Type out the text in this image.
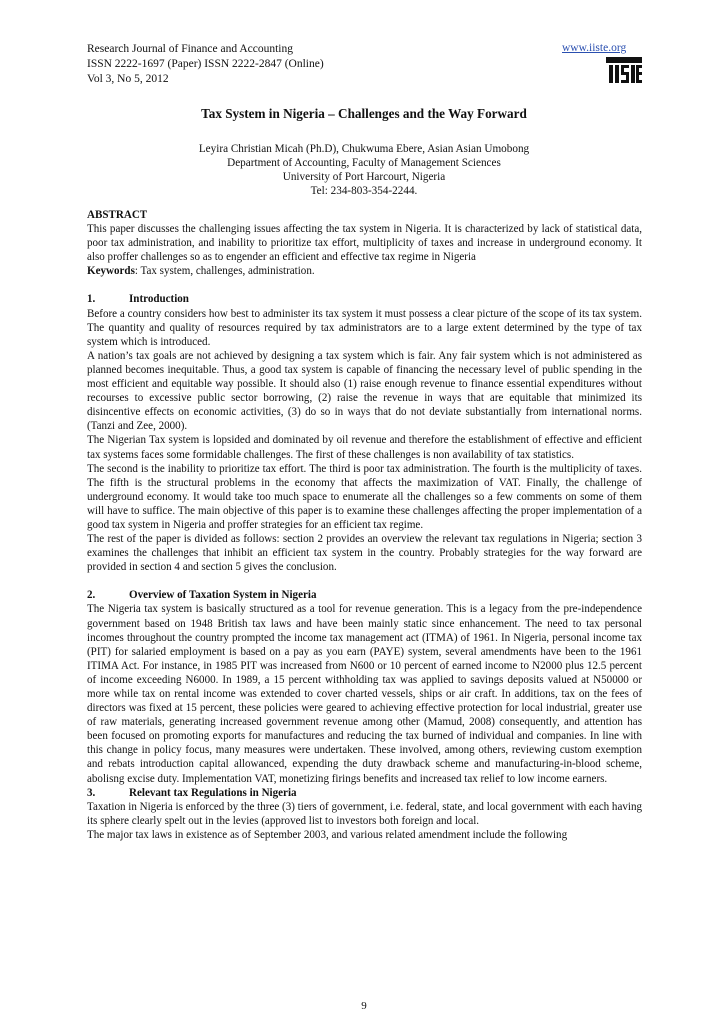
Research Journal of Finance and Accounting
ISSN 2222-1697 (Paper) ISSN 2222-2847 (Online)
Vol 3, No 5, 2012
www.iiste.org
Tax System in Nigeria – Challenges and the Way Forward
Leyira Christian Micah (Ph.D), Chukwuma Ebere, Asian Asian Umobong
Department of Accounting, Faculty of Management Sciences
University of Port Harcourt, Nigeria
Tel: 234-803-354-2244.

ABSTRACT

This paper discusses the challenging issues affecting the tax system in Nigeria. It is characterized by lack of statistical data, poor tax administration, and inability to prioritize tax effort, multiplicity of taxes and increase in underground economy. It also proffer challenges so as to engender an efficient and effective tax regime in Nigeria

Keywords: Tax system, challenges, administration.

1.	Introduction

Before a country considers how best to administer its tax system it must possess a clear picture of the scope of its tax system. The quantity and quality of resources required by tax administrators are to a large extent determined by the type of tax system which is introduced.

A nation’s tax goals are not achieved by designing a tax system which is fair. Any fair system which is not administered as planned becomes inequitable. Thus, a good tax system is capable of financing the necessary level of public spending in the most efficient and equitable way possible. It should also (1) raise enough revenue to finance essential expenditures without recourses to excessive public sector borrowing, (2) raise the revenue in ways that are equitable that minimized its disincentive effects on economic activities, (3) do so in ways that do not deviate substantially from international norms. (Tanzi and Zee, 2000).

The Nigerian Tax system is lopsided and dominated by oil revenue and therefore the establishment of effective and efficient tax systems faces some formidable challenges. The first of these challenges is non availability of tax statistics.

The second is the inability to prioritize tax effort. The third is poor tax administration. The fourth is the multiplicity of taxes. The fifth is the structural problems in the economy that affects the maximization of VAT. Finally, the challenge of underground economy. It would take too much space to enumerate all the challenges so a few comments on some of them will have to suffice. The main objective of this paper is to examine these challenges affecting the proper implementation of a good tax system in Nigeria and proffer strategies for an efficient tax regime.

The rest of the paper is divided as follows: section 2 provides an overview the relevant tax regulations in Nigeria; section 3 examines the challenges that inhibit an efficient tax system in the country. Probably strategies for the way forward are provided in section 4 and section 5 gives the conclusion.

2.	Overview of Taxation System in Nigeria

The Nigeria tax system is basically structured as a tool for revenue generation. This is a legacy from the pre-independence government based on 1948 British tax laws and have been mainly static since enhancement. The need to tax personal incomes throughout the country prompted the income tax management act (ITMA) of 1961. In Nigeria, personal income tax (PIT) for salaried employment is based on a pay as you earn (PAYE) system, several amendments have been to the 1961 ITIMA Act. For instance, in 1985 PIT was increased from N600 or 10 percent of earned income to N2000 plus 12.5 percent of income exceeding N6000. In 1989, a 15 percent withholding tax was applied to savings deposits valued at N50000 or more while tax on rental income was extended to cover charted vessels, ships or air craft. In additions, tax on the fees of directors was fixed at 15 percent, these policies were geared to achieving effective protection for local industrial, greater use of raw materials, generating increased government revenue among other (Mamud, 2008) consequently, and attention has been focused on promoting exports for manufactures and reducing the tax burned of individual and companies. In line with this change in policy focus, many measures were undertaken. These involved, among others, reviewing custom exemption and rebats introduction capital allowanced, expending the duty drawback scheme and manufacturing-in-blood scheme, abolisng excise duty. Implementation VAT, monetizing firings benefits and increased tax relief to low income earners.

3.	Relevant tax Regulations in Nigeria

Taxation in Nigeria is enforced by the three (3) tiers of government, i.e. federal, state, and local government with each having its sphere clearly spelt out in the levies (approved list to investors both foreign and local.

The major tax laws in existence as of September 2003, and various related amendment include the following

9
